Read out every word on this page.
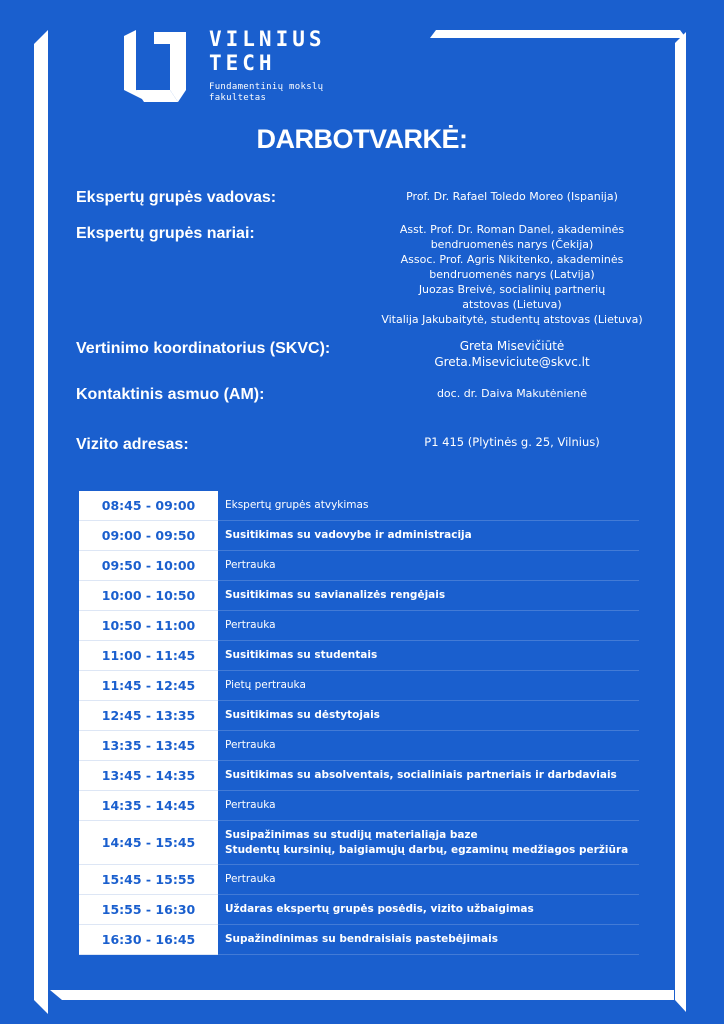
VILNIUS
TECH
Fundamentinių mokslų
fakultetas
DARBOTVARKĖ:
Ekspertų grupės vadovas:	Prof. Dr. Rafael Toledo Moreo (Ispanija)
Ekspertų grupės nariai:	Asst. Prof. Dr. Roman Danel, akademinės
bendruomenės narys (Čekija)
Assoc. Prof. Agris Nikitenko, akademinės
bendruomenės narys (Latvija)
Juozas Breivė, socialinių partnerių
atstovas (Lietuva)
Vitalija Jakubaitytė, studentų atstovas (Lietuva)
Vertinimo koordinatorius (SKVC):	Greta Misevičiūtė
Greta.Miseviciute@skvc.lt
Kontaktinis asmuo (AM):	doc. dr. Daiva Makutėnienė
Vizito adresas:	P1 415 (Plytinės g. 25, Vilnius)
08:45 - 09:00	Ekspertų grupės atvykimas
09:00 - 09:50	Susitikimas su vadovybe ir administracija
09:50 - 10:00	Pertrauka
10:00 - 10:50	Susitikimas su savianalizės rengėjais
10:50 - 11:00	Pertrauka
11:00 - 11:45	Susitikimas su studentais
11:45 - 12:45	Pietų pertrauka
12:45 - 13:35	Susitikimas su dėstytojais
13:35 - 13:45	Pertrauka
13:45 - 14:35	Susitikimas su absolventais, socialiniais partneriais ir darbdaviais
14:35 - 14:45	Pertrauka
14:45 - 15:45
Susipažinimas su studijų materialiąja baze
Studentų kursinių, baigiamųjų darbų, egzaminų medžiagos peržiūra
15:45 - 15:55	Pertrauka
15:55 - 16:30	Uždaras ekspertų grupės posėdis, vizito užbaigimas
16:30 - 16:45	Supažindinimas su bendraisiais pastebėjimais
